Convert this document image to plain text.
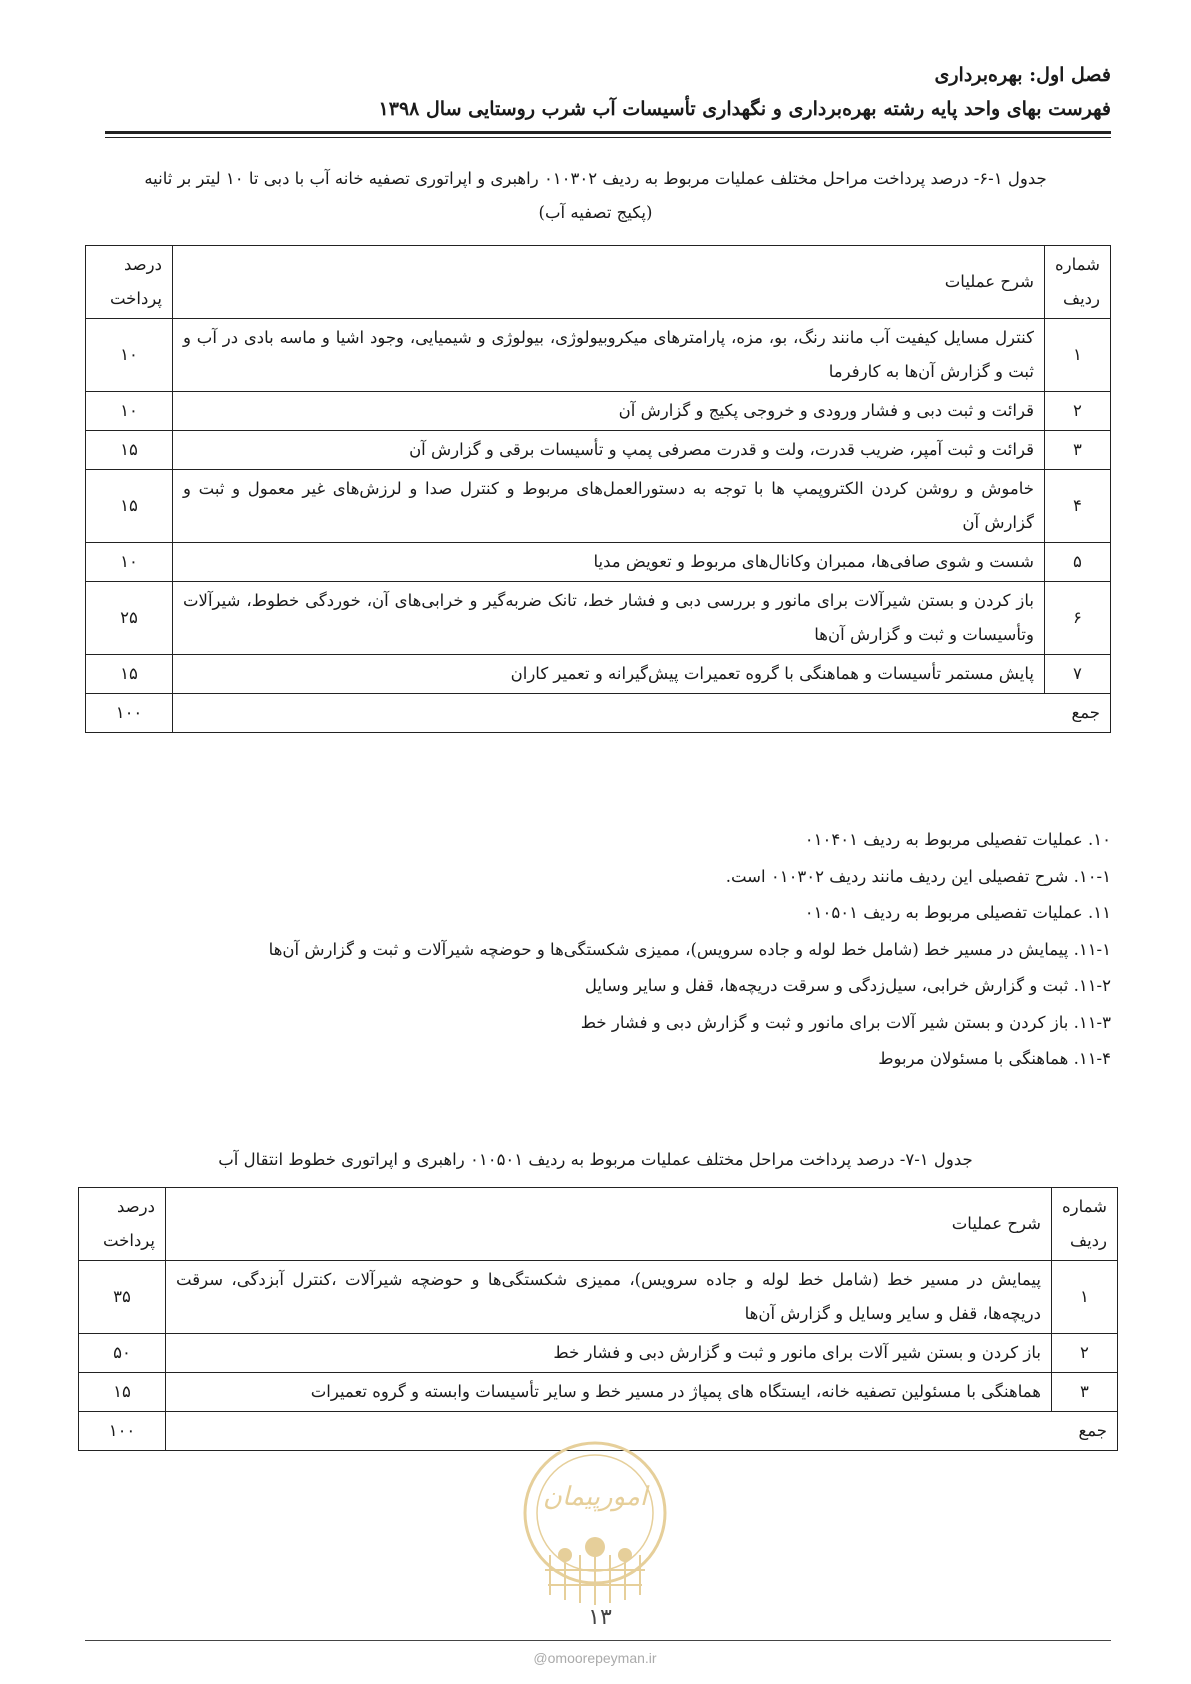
فصل اول: بهره‌برداری
فهرست بهای واحد پایه رشته بهره‌برداری و نگهداری تأسیسات آب شرب روستایی سال ۱۳۹۸
جدول ۱-۶- درصد پرداخت مراحل مختلف عملیات مربوط به ردیف ۰۱۰۳۰۲ راهبری و اپراتوری تصفیه خانه آب با دبی تا ۱۰ لیتر بر ثانیه
(پکیج تصفیه آب)
شماره ردیف	شرح عملیات	درصد پرداخت
۱	کنترل مسایل کیفیت آب مانند رنگ، بو، مزه، پارامترهای میکروبیولوژی، بیولوژی و شیمیایی، وجود اشیا و ماسه بادی در آب و ثبت و گزارش آن‌ها به کارفرما	۱۰
۲	قرائت و ثبت دبی و فشار ورودی و خروجی پکیج و گزارش آن	۱۰
۳	قرائت و ثبت آمپر، ضریب قدرت، ولت و قدرت مصرفی پمپ و تأسیسات برقی و گزارش آن	۱۵
۴	خاموش و روشن کردن الکتروپمپ ها با توجه به دستورالعمل‌های مربوط و کنترل صدا و لرزش‌های غیر معمول و ثبت و گزارش آن	۱۵
۵	شست و شوی صافی‌ها، ممبران وکانال‌های مربوط و تعویض مدیا	۱۰
۶	باز کردن و بستن شیرآلات برای مانور و بررسی دبی و فشار خط، تانک ضربه‌گیر و خرابی‌های آن، خوردگی خطوط، شیرآلات وتأسیسات و ثبت و گزارش آن‌ها	۲۵
۷	پایش مستمر تأسیسات و هماهنگی با گروه تعمیرات پیش‌گیرانه و تعمیر کاران	۱۵
جمع		۱۰۰
۱۰. عملیات تفصیلی مربوط به ردیف ۰۱۰۴۰۱
۱۰-۱. شرح تفصیلی این ردیف مانند ردیف ۰۱۰۳۰۲ است.
۱۱. عملیات تفصیلی مربوط به ردیف ۰۱۰۵۰۱
۱۱-۱. پیمایش در مسیر خط (شامل خط لوله و جاده سرویس)، ممیزی شکستگی‌ها و حوضچه شیرآلات و ثبت و گزارش آن‌ها
۱۱-۲. ثبت و گزارش خرابی، سیل‌زدگی و سرقت دریچه‌ها، قفل و سایر وسایل
۱۱-۳. باز کردن و بستن شیر آلات برای مانور و ثبت و گزارش دبی و فشار خط
۱۱-۴. هماهنگی با مسئولان مربوط
جدول ۱-۷- درصد پرداخت مراحل مختلف عملیات مربوط به ردیف ۰۱۰۵۰۱ راهبری و اپراتوری خطوط انتقال آب
شماره ردیف	شرح عملیات	درصد پرداخت
۱	پیمایش در مسیر خط (شامل خط لوله و جاده سرویس)، ممیزی شکستگی‌ها و حوضچه شیرآلات ،کنترل آبزدگی، سرقت دریچه‌ها، قفل و سایر وسایل و گزارش آن‌ها	۳۵
۲	باز کردن و بستن شیر آلات برای مانور و ثبت و گزارش دبی و فشار خط	۵۰
۳	هماهنگی با مسئولین تصفیه خانه، ایستگاه های پمپاژ در مسیر خط و سایر تأسیسات وابسته و گروه تعمیرات	۱۵
جمع		۱۰۰
امورپیمان
۱۳
@omoorepeyman.ir
